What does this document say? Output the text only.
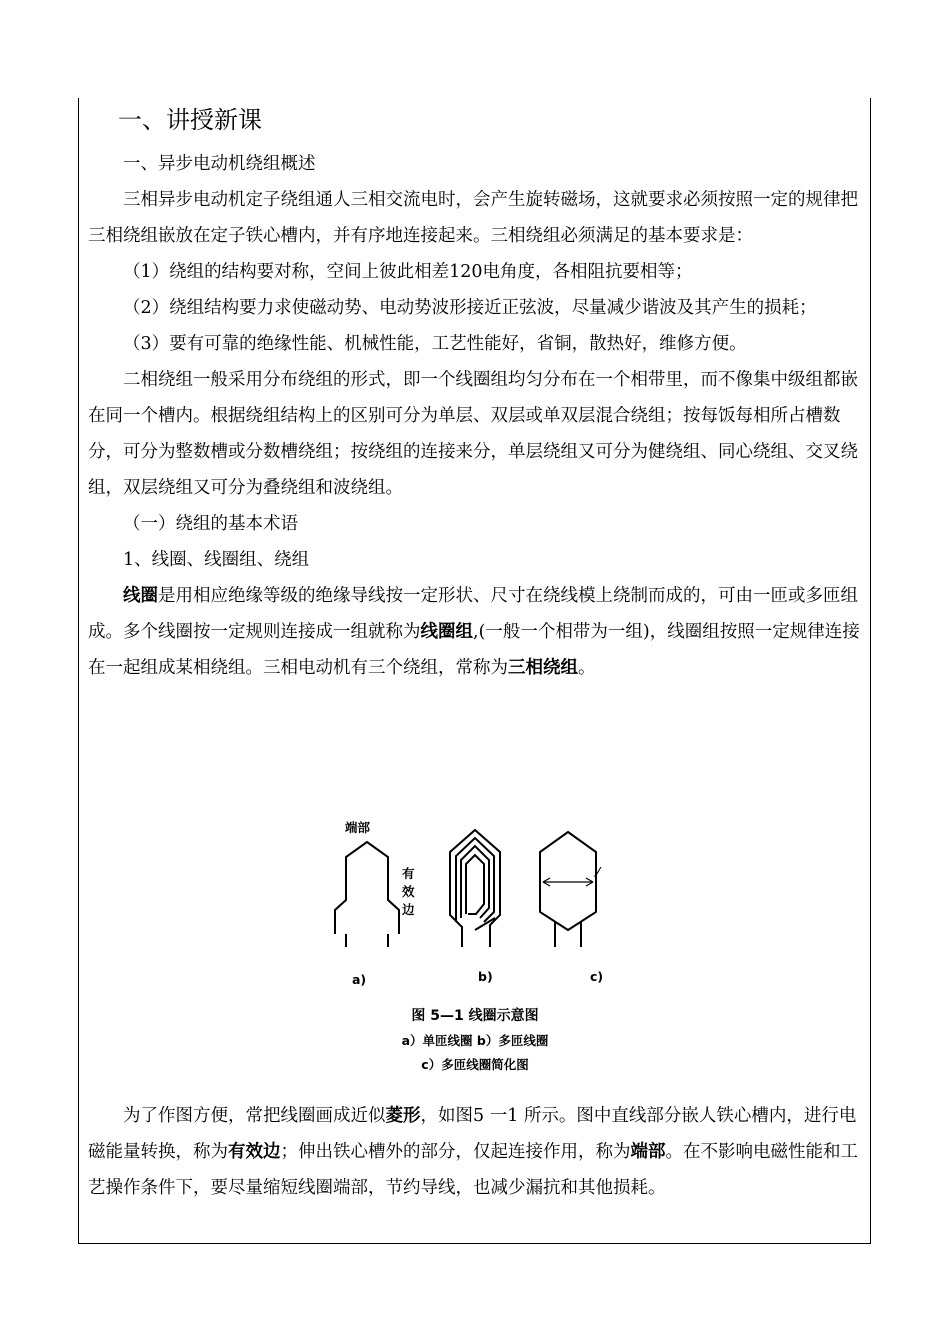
一、讲授新课

一、异步电动机绕组概述

三相异步电动机定子绕组通人三相交流电时，会产生旋转磁场，这就要求必须按照一定的规律把三相绕组嵌放在定子铁心槽内，并有序地连接起来。三相绕组必须满足的基本要求是：

（1）绕组的结构要对称，空间上彼此相差120电角度，各相阻抗要相等；

（2）绕组结构要力求使磁动势、电动势波形接近正弦波，尽量减少谐波及其产生的损耗；

（3）要有可靠的绝缘性能、机械性能，工艺性能好，省铜，散热好，维修方便。

二相绕组一般采用分布绕组的形式，即一个线圈组均匀分布在一个相带里，而不像集中级组都嵌在同一个槽内。根据绕组结构上的区别可分为单层、双层或单双层混合绕组；按每饭每相所占槽数分，可分为整数槽或分数槽绕组；按绕组的连接来分，单层绕组又可分为健绕组、同心绕组、交叉绕组，双层绕组又可分为叠绕组和波绕组。

（一）绕组的基本术语

1、线圈、线圈组、绕组

线圈是用相应绝缘等级的绝缘导线按一定形状、尺寸在绕线模上绕制而成的，可由一匝或多匝组成。多个线圈按一定规则连接成一组就称为线圈组,(一般一个相带为一组)，线圈组按照一定规律连接在一起组成某相绕组。三相电动机有三个绕组，常称为三相绕组。

端部
有
效
边
y
a)	b)	c)
图 5—1 线圈示意图
a）单匝线圈 b）多匝线圈
c）多匝线圈简化图

为了作图方便，常把线圈画成近似菱形，如图5 一1 所示。图中直线部分嵌人铁心槽内，进行电磁能量转换，称为有效边；伸出铁心槽外的部分，仅起连接作用，称为端部。在不影响电磁性能和工艺操作条件下，要尽量缩短线圈端部，节约导线，也减少漏抗和其他损耗。
